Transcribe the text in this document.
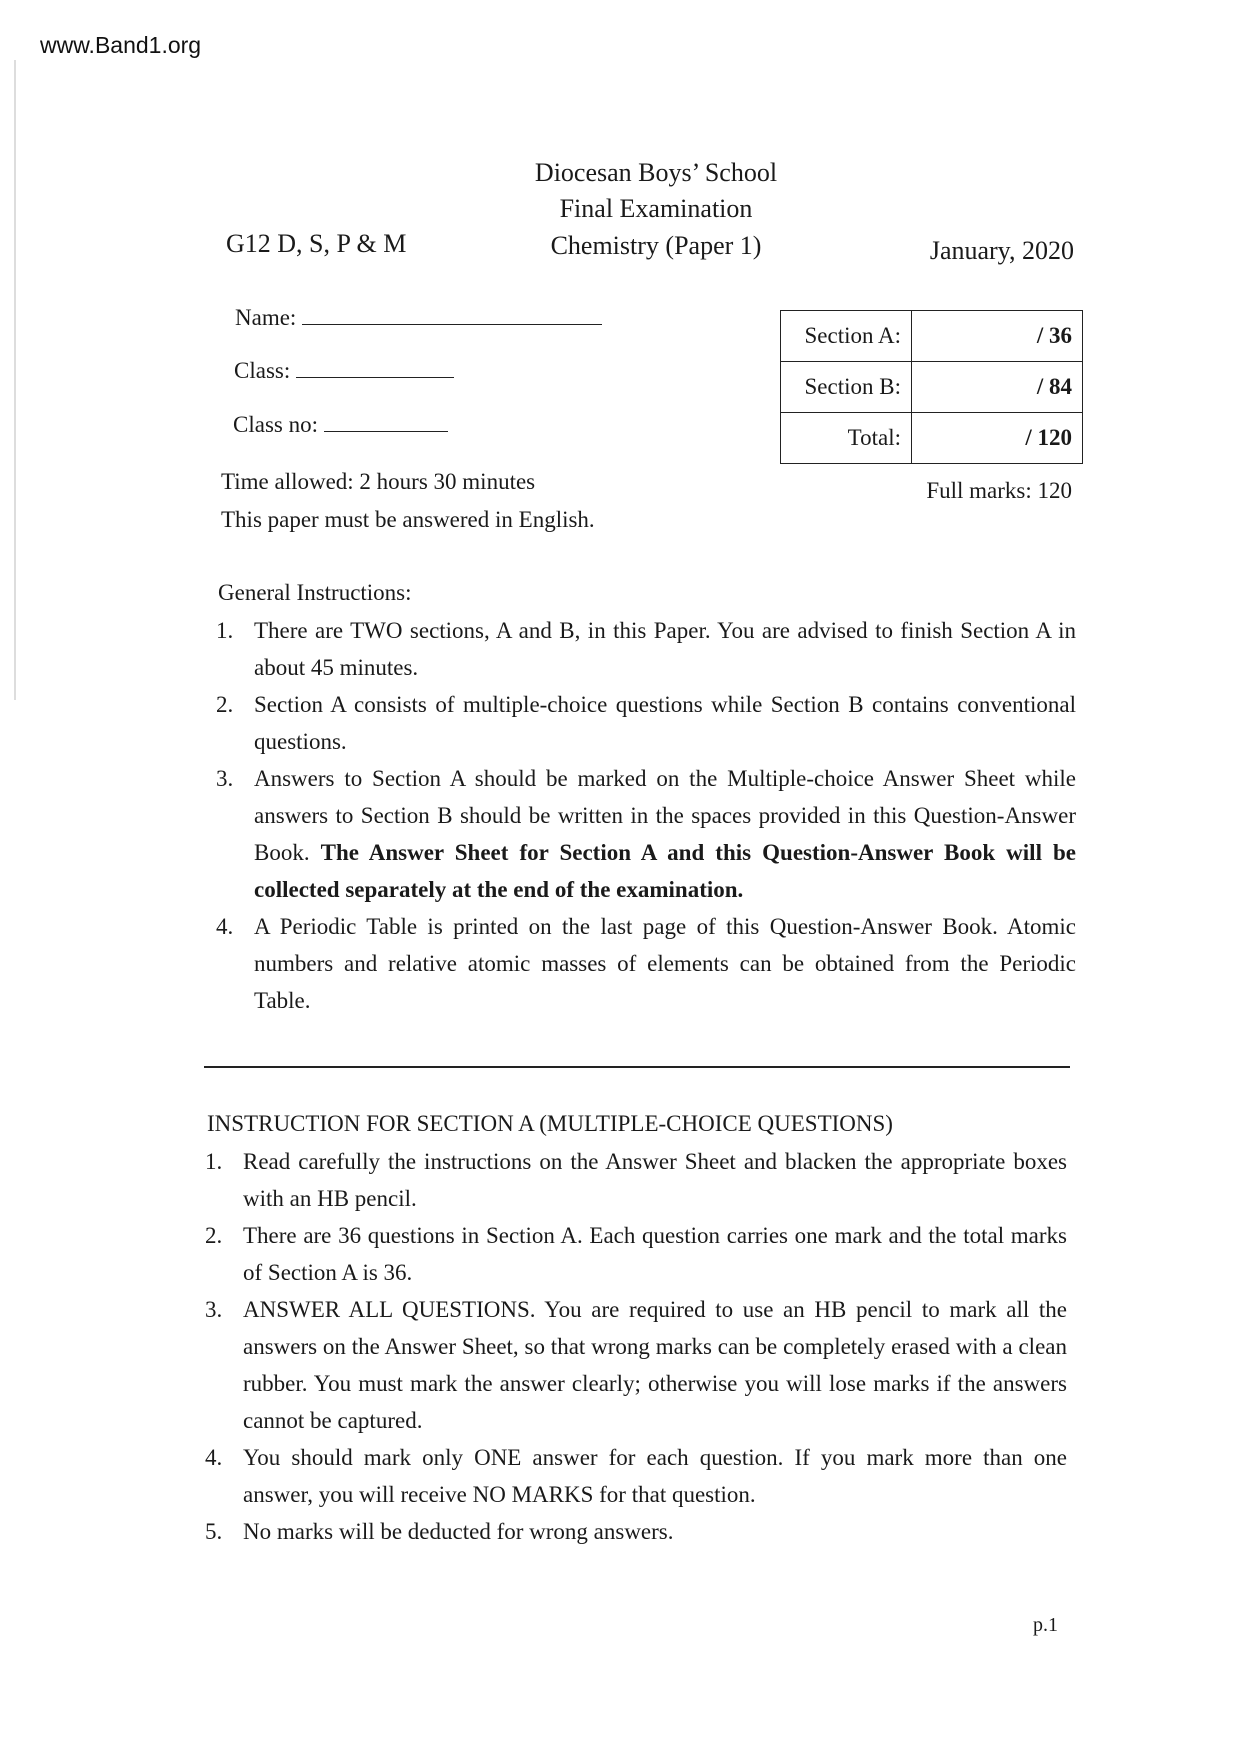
www.Band1.org
Diocesan Boys’ School
Final Examination
Chemistry (Paper 1)
G12 D, S, P & M	January, 2020
Name:
Class:
Class no:
Section A:	/ 36
Section B:	/ 84
Total:	/ 120
Full marks: 120
Time allowed: 2 hours 30 minutes
This paper must be answered in English.
General Instructions:
1. There are TWO sections, A and B, in this Paper. You are advised to finish Section A in about 45 minutes.
2. Section A consists of multiple-choice questions while Section B contains conventional questions.
3. Answers to Section A should be marked on the Multiple-choice Answer Sheet while answers to Section B should be written in the spaces provided in this Question-Answer Book. The Answer Sheet for Section A and this Question-Answer Book will be collected separately at the end of the examination.
4. A Periodic Table is printed on the last page of this Question-Answer Book. Atomic numbers and relative atomic masses of elements can be obtained from the Periodic Table.
INSTRUCTION FOR SECTION A (MULTIPLE-CHOICE QUESTIONS)
1. Read carefully the instructions on the Answer Sheet and blacken the appropriate boxes with an HB pencil.
2. There are 36 questions in Section A. Each question carries one mark and the total marks of Section A is 36.
3. ANSWER ALL QUESTIONS. You are required to use an HB pencil to mark all the answers on the Answer Sheet, so that wrong marks can be completely erased with a clean rubber. You must mark the answer clearly; otherwise you will lose marks if the answers cannot be captured.
4. You should mark only ONE answer for each question. If you mark more than one answer, you will receive NO MARKS for that question.
5. No marks will be deducted for wrong answers.
p.1
